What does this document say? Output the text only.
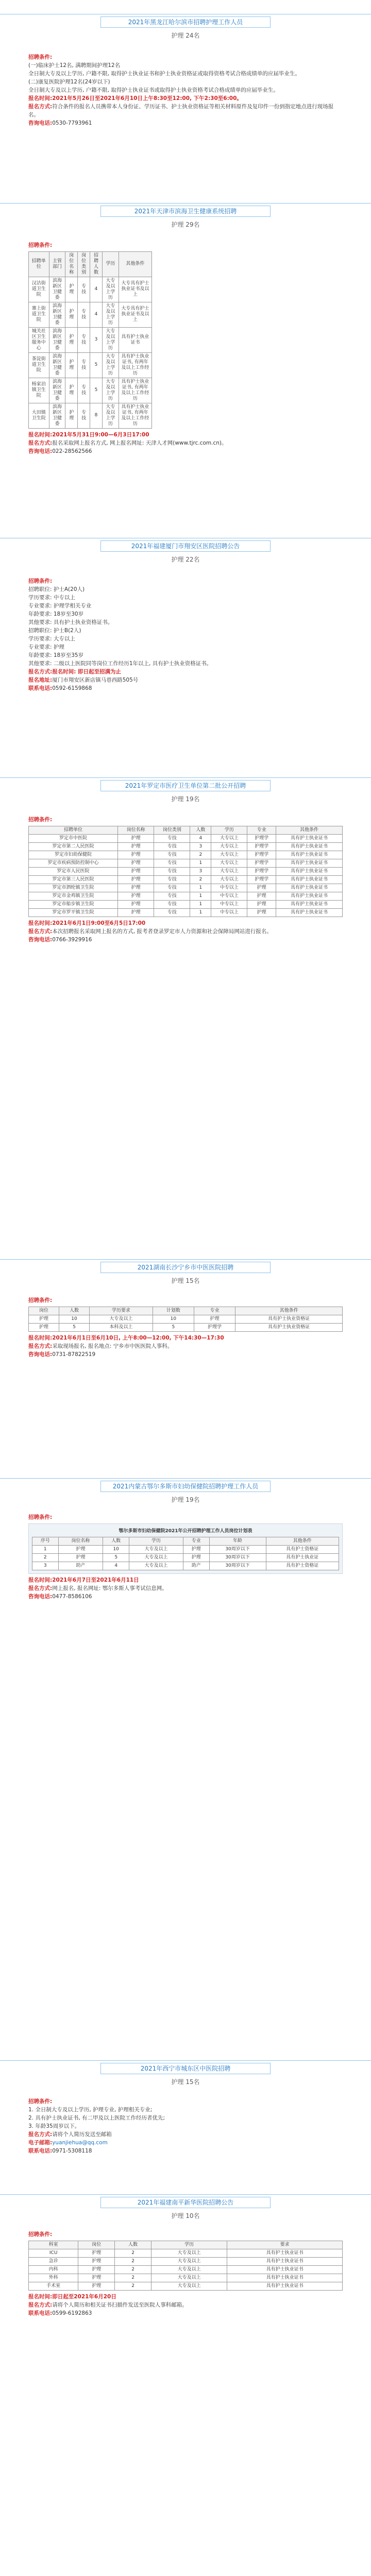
2021年黑龙江哈尔滨市招聘护理工作人员
护理 24名
招聘条件:
(一)临床护士12名, 满聘期间护理12名
全日制大专及以上学历, 户籍不限, 取得护士执业证书和护士执业资格证或取得资格考试合格成绩单的应届毕业生。
(二)康复医院护理12名(24岁以下)
全日制大专及以上学历, 户籍不限, 取得护士执业证书或取得护士执业资格考试合格成绩单的应届毕业生。
报名时间:2021年5月26日至2021年6月10日上午8:30至12:00, 下午2:30至6:00。
报名方式:符合条件的报名人员携带本人身份证、学历证书、护士执业资格证等相关材料原件及复印件一份到指定地点进行现场报名。
咨询电话:0530-7793961
2021年天津市滨海卫生健康系统招聘
护理 29名
招聘条件:
招聘单位	主管部门	岗位名称	岗位类别	招聘人数	学历	其他条件
汉沽街道卫生院	滨海新区卫健委	护理	专技	4	大专及以上学历	大专具有护士执业证书及以上
寨上街道卫生院	滨海新区卫健委	护理	专技	4	大专及以上学历	大专具有护士执业证书及以上
城关社区卫生服务中心	滨海新区卫健委	护理	专技	3	大专及以上学历	具有护士执业证书
茶淀街道卫生院	滨海新区卫健委	护理	专技	5	大专及以上学历	具有护士执业证书, 有两年及以上工作经历
杨家泊镇卫生院	滨海新区卫健委	护理	专技	5	大专及以上学历	具有护士执业证书, 有两年及以上工作经历
大田镇卫生院	滨海新区卫健委	护理	专技	8	大专及以上学历	具有护士执业证书, 有两年及以上工作经历
报名时间:2021年5月31日9:00—6月3日17:00
报名方式:报名采取网上报名方式, 网上报名网址: 天津人才网(www.tjrc.com.cn)。
咨询电话:022-28562566
2021年福建厦门市翔安区医院招聘公告
护理 22名
招聘条件:
招聘职位: 护士A(20人)
学历要求: 中专以上
专业要求: 护理学相关专业
年龄要求: 18岁至30岁
其他要求: 具有护士执业资格证书。
招聘职位: 护士B(2人)
学历要求: 大专以上
专业要求: 护理
年龄要求: 18岁至35岁
其他要求: 二级以上医院同等岗位工作经历1年以上, 具有护士执业资格证书。
报名方式:报名时间: 即日起至招满为止
报名地址:厦门市翔安区新店镇马巷西路505号
联系电话:0592-6159868
2021年罗定市医疗卫生单位第二批公开招聘
护理 19名
招聘条件:
招聘单位	岗位名称	岗位类别	人数	学历	专业	其他条件
罗定市中医院	护理	专技	4	大专以上	护理学	具有护士执业证书
罗定市第二人民医院	护理	专技	3	大专以上	护理学	具有护士执业证书
罗定市妇幼保健院	护理	专技	2	大专以上	护理学	具有护士执业证书
罗定市疾病预防控制中心	护理	专技	1	大专以上	护理学	具有护士执业证书
罗定市人民医院	护理	专技	3	大专以上	护理学	具有护士执业证书
罗定市第三人民医院	护理	专技	2	大专以上	护理学	具有护士执业证书
罗定市泗纶镇卫生院	护理	专技	1	中专以上	护理	具有护士执业证书
罗定市金鸡镇卫生院	护理	专技	1	中专以上	护理	具有护士执业证书
罗定市船步镇卫生院	护理	专技	1	中专以上	护理	具有护士执业证书
罗定市罗平镇卫生院	护理	专技	1	中专以上	护理	具有护士执业证书
报名时间:2021年6月1日9:00至6月5日17:00
报名方式:本次招聘报名采取网上报名的方式, 报考者登录罗定市人力资源和社会保障局网站进行报名。
咨询电话:0766-3929916
2021湖南长沙宁乡市中医医院招聘
护理 15名
招聘条件:
岗位	人数	学历要求	计划数	专业	其他条件
护理	10	大专及以上	10	护理	具有护士执业资格证
护理	5	本科及以上	5	护理学	具有护士执业资格证
报名时间:2021年6月1日至6月10日, 上午8:00—12:00, 下午14:30—17:30
报名方式:采取现场报名, 报名地点: 宁乡市中医医院人事科。
咨询电话:0731-87822519
2021内蒙古鄂尔多斯市妇幼保健院招聘护理工作人员
护理 19名
招聘条件:
鄂尔多斯市妇幼保健院2021年公开招聘护理工作人员岗位计划表
序号	岗位名称	人数	学历	专业	年龄	其他条件
1	护理	10	大专及以上	护理	30周岁以下	具有护士资格证
2	护理	5	大专及以上	护理	30周岁以下	具有护士执业证
3	助产	4	大专及以上	助产	30周岁以下	具有护士资格证
报名时间:2021年6月7日至2021年6月11日
报名方式:网上报名, 报名网址: 鄂尔多斯人事考试信息网。
咨询电话:0477-8586106
2021年西宁市城东区中医院招聘
护理 15名
招聘条件:
1. 全日制大专及以上学历, 护理专业, 护理相关专业;
2. 具有护士执业证书, 有二甲及以上医院工作经历者优先;
3. 年龄35周岁以下。
报名方式:请将个人简历发送至邮箱
电子邮箱:yuanjiehua@qq.com
联系电话:0971-5308118
2021年福建南平新华医院招聘公告
护理 10名
招聘条件:
科室	岗位	人数	学历	要求
ICU	护理	2	大专及以上	具有护士执业证书
急诊	护理	2	大专及以上	具有护士执业证书
内科	护理	2	大专及以上	具有护士执业证书
外科	护理	2	大专及以上	具有护士执业证书
手术室	护理	2	大专及以上	具有护士执业证书
报名时间:即日起至2021年6月20日
报名方式:请将个人简历和相关证书扫描件发送至医院人事科邮箱。
联系电话:0599-6192863
